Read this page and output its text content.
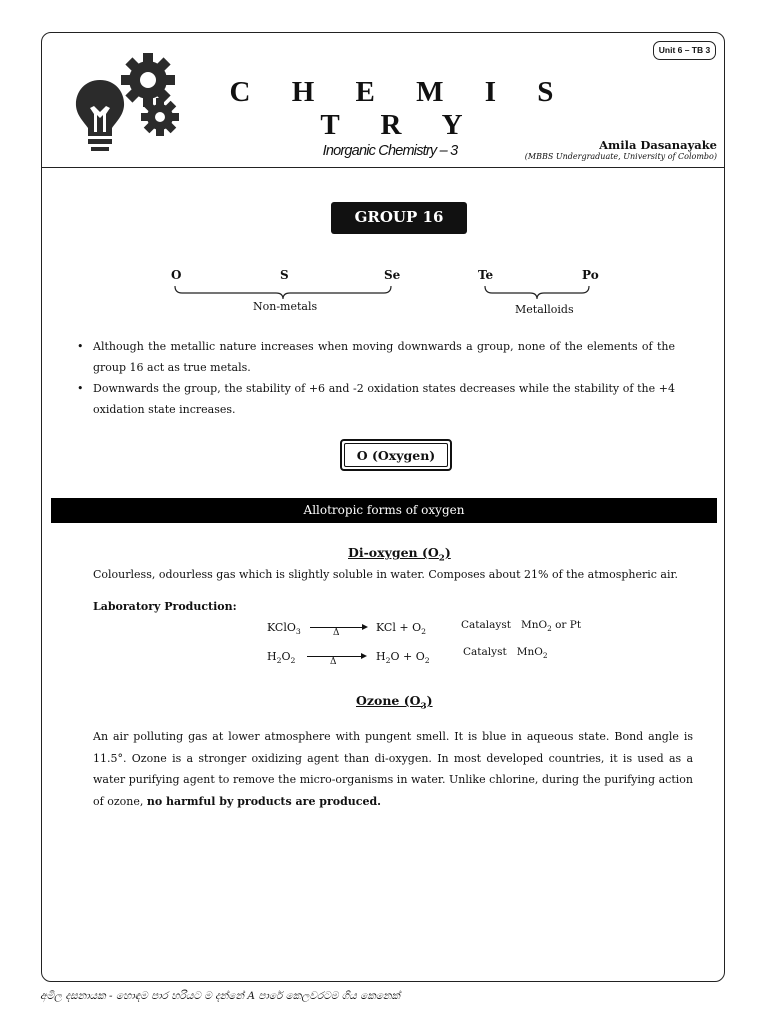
Unit 6 – TB 3
C H E M I S T R Y
Inorganic Chemistry – 3	Amila Dasanayake
(MBBS Undergraduate, University of Colombo)
GROUP 16
O	S	Se	Te	Po
Non-metals	Metalloids
• Although the metallic nature increases when moving downwards a group, none of the elements of the group 16 act as true metals.
• Downwards the group, the stability of +6 and -2 oxidation states decreases while the stability of the +4 oxidation state increases.
O (Oxygen)
Allotropic forms of oxygen
Di-oxygen $(O_2)$
Colourless, odourless gas which is slightly soluble in water. Composes about 21% of the atmospheric air.
Laboratory Production:
KClO$_3$	Δ	KCl + $O_2$
Catalayst MnO$_2$ or Pt
$H_2O_2$	Δ	$H_2O + O_2$
Catalyst MnO$_2$
Ozone $(O_3)$
An air polluting gas at lower atmosphere with pungent smell. It is blue in aqueous state. Bond angle is 11.5°. Ozone is a stronger oxidizing agent than di-oxygen. In most developed countries, it is used as a water purifying agent to remove the micro-organisms in water. Unlike chlorine, during the purifying action of ozone, no harmful by products are produced.
අමිල දසනායක - හොඳම පාර හරියට ම දන්නේ A පාරේ කෙලවරටම ගිය කෙනෙක්
